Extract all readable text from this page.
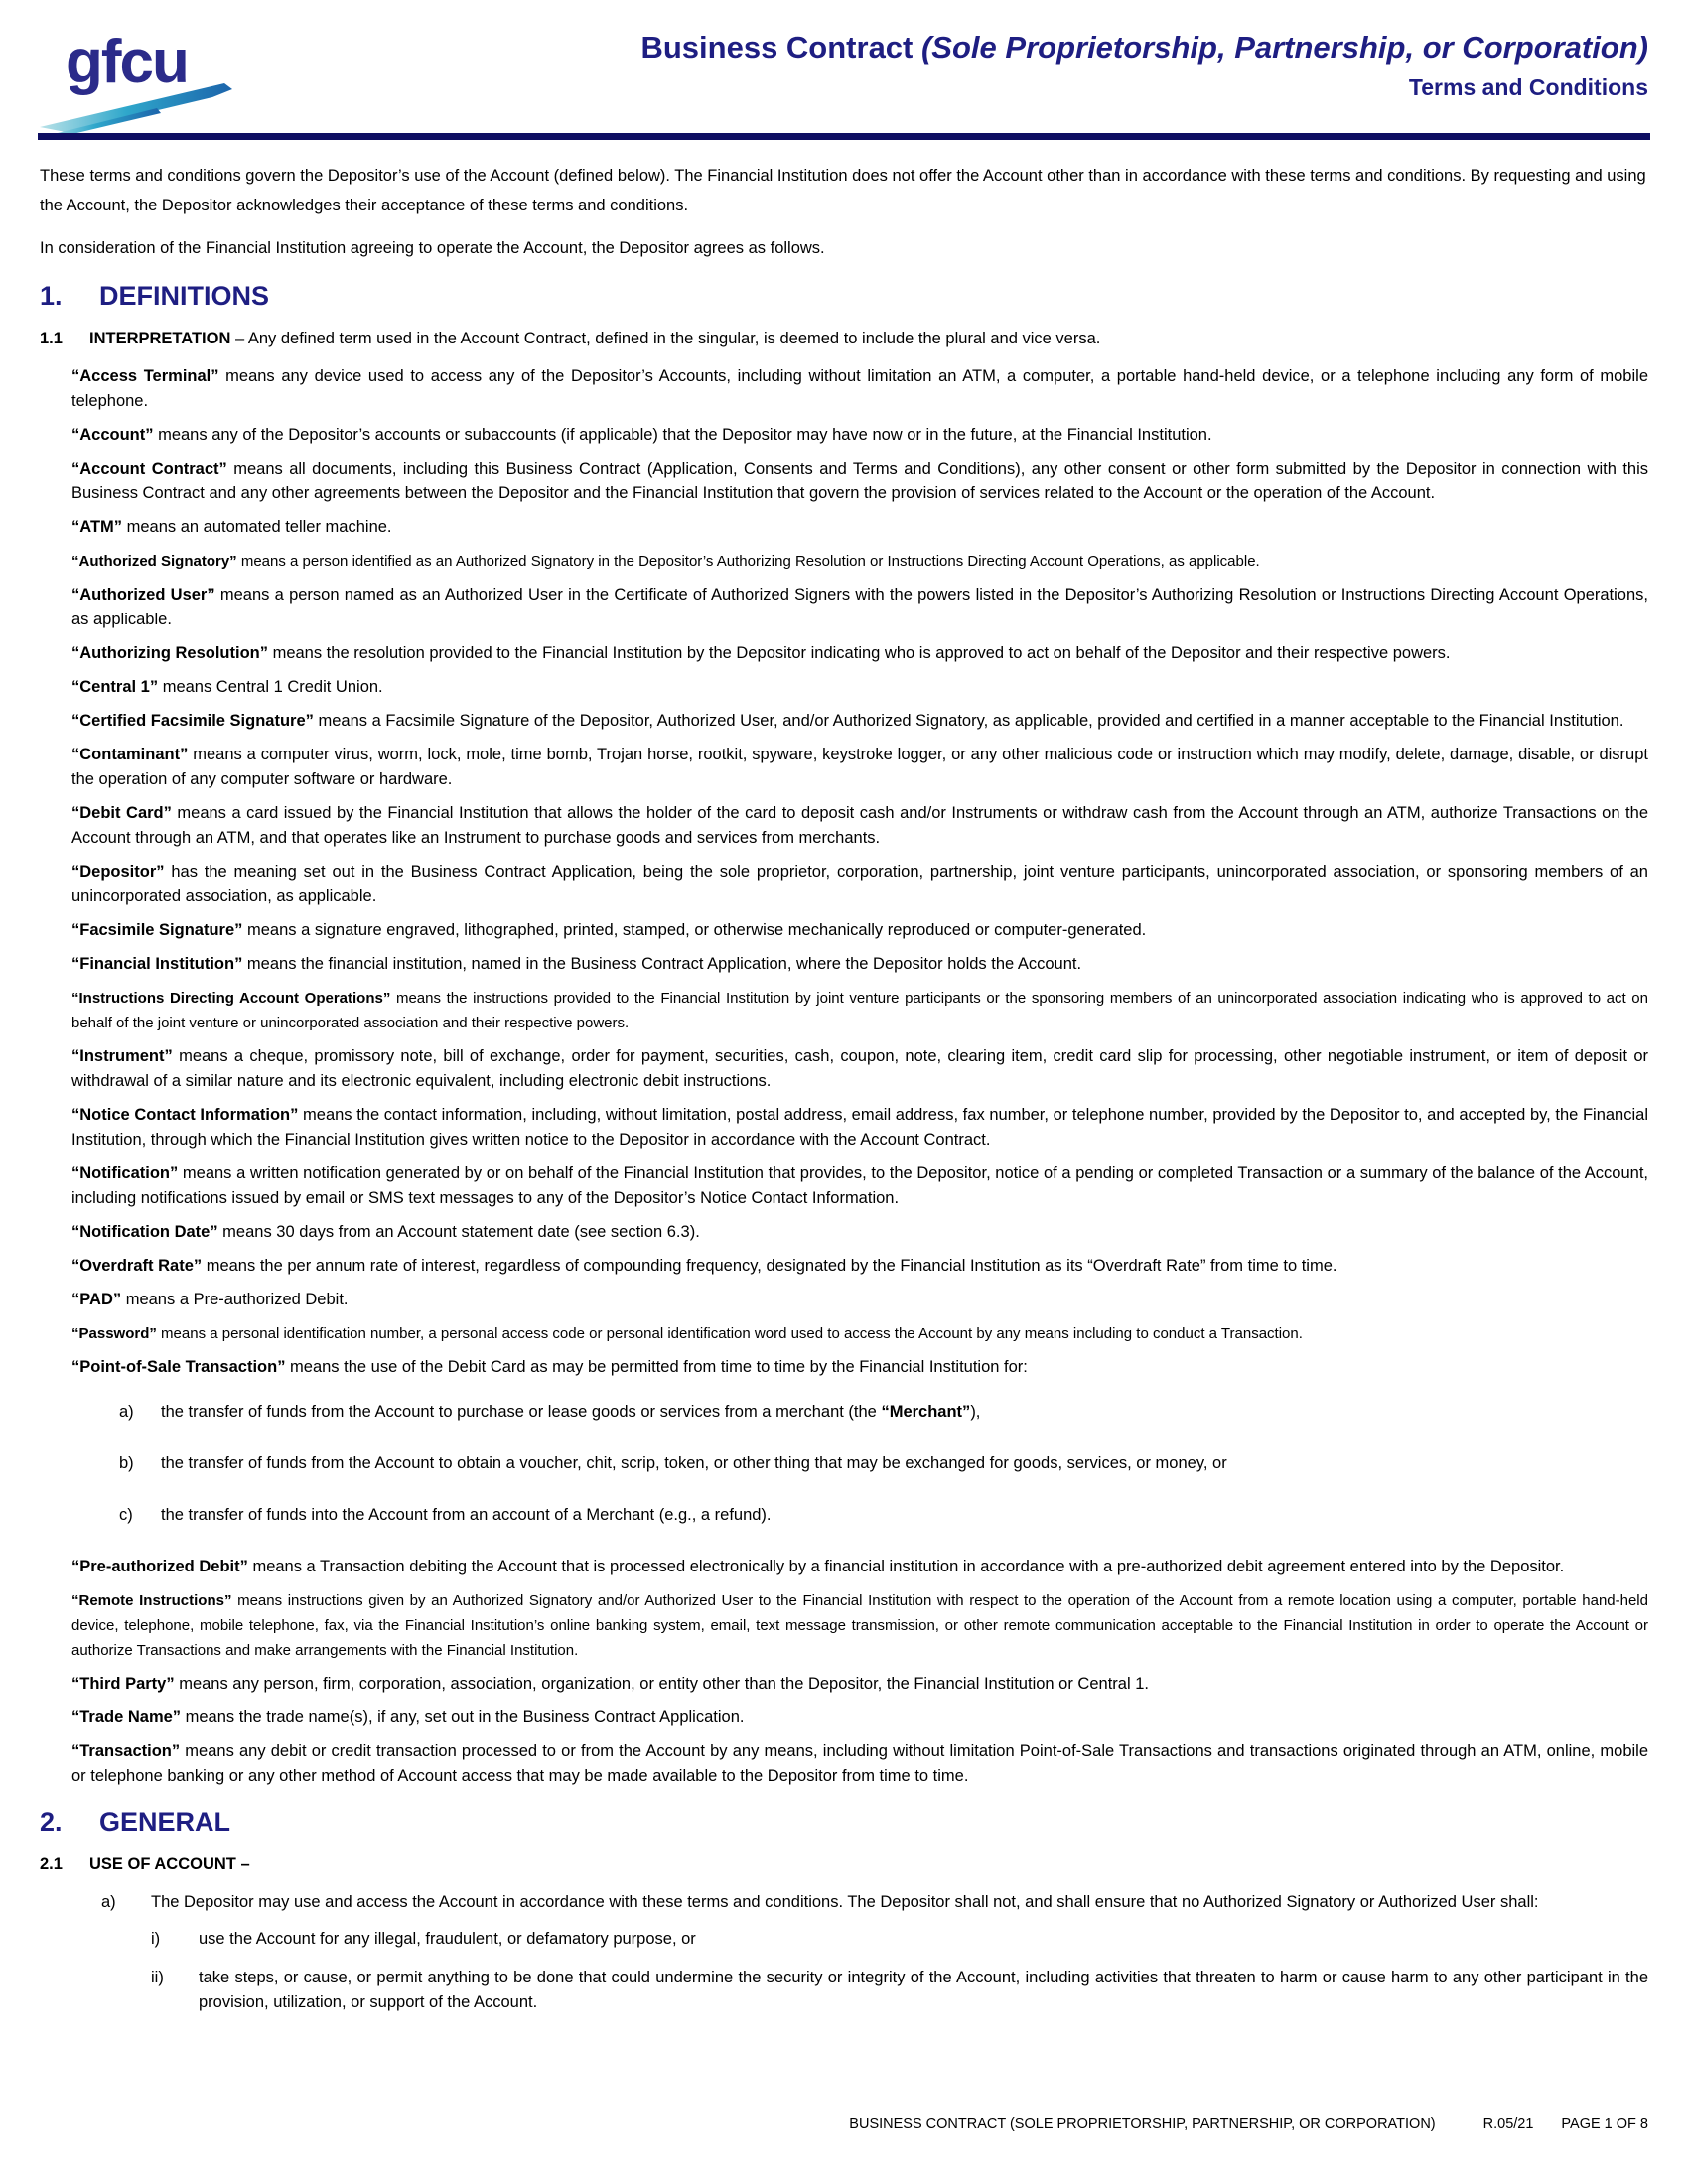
gfcu	Business Contract (Sole Proprietorship, Partnership, or Corporation)
Terms and Conditions

These terms and conditions govern the Depositor’s use of the Account (defined below). The Financial Institution does not offer the Account other than in accordance with these terms and conditions. By requesting and using the Account, the Depositor acknowledges their acceptance of these terms and conditions.

In consideration of the Financial Institution agreeing to operate the Account, the Depositor agrees as follows.

1.	DEFINITIONS
1.1	INTERPRETATION – Any defined term used in the Account Contract, defined in the singular, is deemed to include the plural and vice versa.

“Access Terminal” means any device used to access any of the Depositor’s Accounts, including without limitation an ATM, a computer, a portable hand-held device, or a telephone including any form of mobile telephone.

“Account” means any of the Depositor’s accounts or subaccounts (if applicable) that the Depositor may have now or in the future, at the Financial Institution.

“Account Contract” means all documents, including this Business Contract (Application, Consents and Terms and Conditions), any other consent or other form submitted by the Depositor in connection with this Business Contract and any other agreements between the Depositor and the Financial Institution that govern the provision of services related to the Account or the operation of the Account.

“ATM” means an automated teller machine.

“Authorized Signatory” means a person identified as an Authorized Signatory in the Depositor’s Authorizing Resolution or Instructions Directing Account Operations, as applicable.

“Authorized User” means a person named as an Authorized User in the Certificate of Authorized Signers with the powers listed in the Depositor’s Authorizing Resolution or Instructions Directing Account Operations, as applicable.

“Authorizing Resolution” means the resolution provided to the Financial Institution by the Depositor indicating who is approved to act on behalf of the Depositor and their respective powers.

“Central 1” means Central 1 Credit Union.

“Certified Facsimile Signature” means a Facsimile Signature of the Depositor, Authorized User, and/or Authorized Signatory, as applicable, provided and certified in a manner acceptable to the Financial Institution.

“Contaminant” means a computer virus, worm, lock, mole, time bomb, Trojan horse, rootkit, spyware, keystroke logger, or any other malicious code or instruction which may modify, delete, damage, disable, or disrupt the operation of any computer software or hardware.

“Debit Card” means a card issued by the Financial Institution that allows the holder of the card to deposit cash and/or Instruments or withdraw cash from the Account through an ATM, authorize Transactions on the Account through an ATM, and that operates like an Instrument to purchase goods and services from merchants.

“Depositor” has the meaning set out in the Business Contract Application, being the sole proprietor, corporation, partnership, joint venture participants, unincorporated association, or sponsoring members of an unincorporated association, as applicable.

“Facsimile Signature” means a signature engraved, lithographed, printed, stamped, or otherwise mechanically reproduced or computer-generated.

“Financial Institution” means the financial institution, named in the Business Contract Application, where the Depositor holds the Account.

“Instructions Directing Account Operations” means the instructions provided to the Financial Institution by joint venture participants or the sponsoring members of an unincorporated association indicating who is approved to act on behalf of the joint venture or unincorporated association and their respective powers.

“Instrument” means a cheque, promissory note, bill of exchange, order for payment, securities, cash, coupon, note, clearing item, credit card slip for processing, other negotiable instrument, or item of deposit or withdrawal of a similar nature and its electronic equivalent, including electronic debit instructions.

“Notice Contact Information” means the contact information, including, without limitation, postal address, email address, fax number, or telephone number, provided by the Depositor to, and accepted by, the Financial Institution, through which the Financial Institution gives written notice to the Depositor in accordance with the Account Contract.

“Notification” means a written notification generated by or on behalf of the Financial Institution that provides, to the Depositor, notice of a pending or completed Transaction or a summary of the balance of the Account, including notifications issued by email or SMS text messages to any of the Depositor’s Notice Contact Information.

“Notification Date” means 30 days from an Account statement date (see section 6.3).

“Overdraft Rate” means the per annum rate of interest, regardless of compounding frequency, designated by the Financial Institution as its “Overdraft Rate” from time to time.

“PAD” means a Pre-authorized Debit.

“Password” means a personal identification number, a personal access code or personal identification word used to access the Account by any means including to conduct a Transaction.

“Point-of-Sale Transaction” means the use of the Debit Card as may be permitted from time to time by the Financial Institution for:

a)	the transfer of funds from the Account to purchase or lease goods or services from a merchant (the “Merchant”),
b)	the transfer of funds from the Account to obtain a voucher, chit, scrip, token, or other thing that may be exchanged for goods, services, or money, or
c)	the transfer of funds into the Account from an account of a Merchant (e.g., a refund).

“Pre-authorized Debit” means a Transaction debiting the Account that is processed electronically by a financial institution in accordance with a pre-authorized debit agreement entered into by the Depositor.

“Remote Instructions” means instructions given by an Authorized Signatory and/or Authorized User to the Financial Institution with respect to the operation of the Account from a remote location using a computer, portable hand-held device, telephone, mobile telephone, fax, via the Financial Institution’s online banking system, email, text message transmission, or other remote communication acceptable to the Financial Institution in order to operate the Account or authorize Transactions and make arrangements with the Financial Institution.

“Third Party” means any person, firm, corporation, association, organization, or entity other than the Depositor, the Financial Institution or Central 1.

“Trade Name” means the trade name(s), if any, set out in the Business Contract Application.

“Transaction” means any debit or credit transaction processed to or from the Account by any means, including without limitation Point-of-Sale Transactions and transactions originated through an ATM, online, mobile or telephone banking or any other method of Account access that may be made available to the Depositor from time to time.

2.	GENERAL
2.1	USE OF ACCOUNT –
a)	The Depositor may use and access the Account in accordance with these terms and conditions. The Depositor shall not, and shall ensure that no Authorized Signatory or Authorized User shall:
i)	use the Account for any illegal, fraudulent, or defamatory purpose, or
ii)	take steps, or cause, or permit anything to be done that could undermine the security or integrity of the Account, including activities that threaten to harm or cause harm to any other participant in the provision, utilization, or support of the Account.
BUSINESS CONTRACT (SOLE PROPRIETORSHIP, PARTNERSHIP, OR CORPORATION)	R.05/21 PAGE 1 OF 8
